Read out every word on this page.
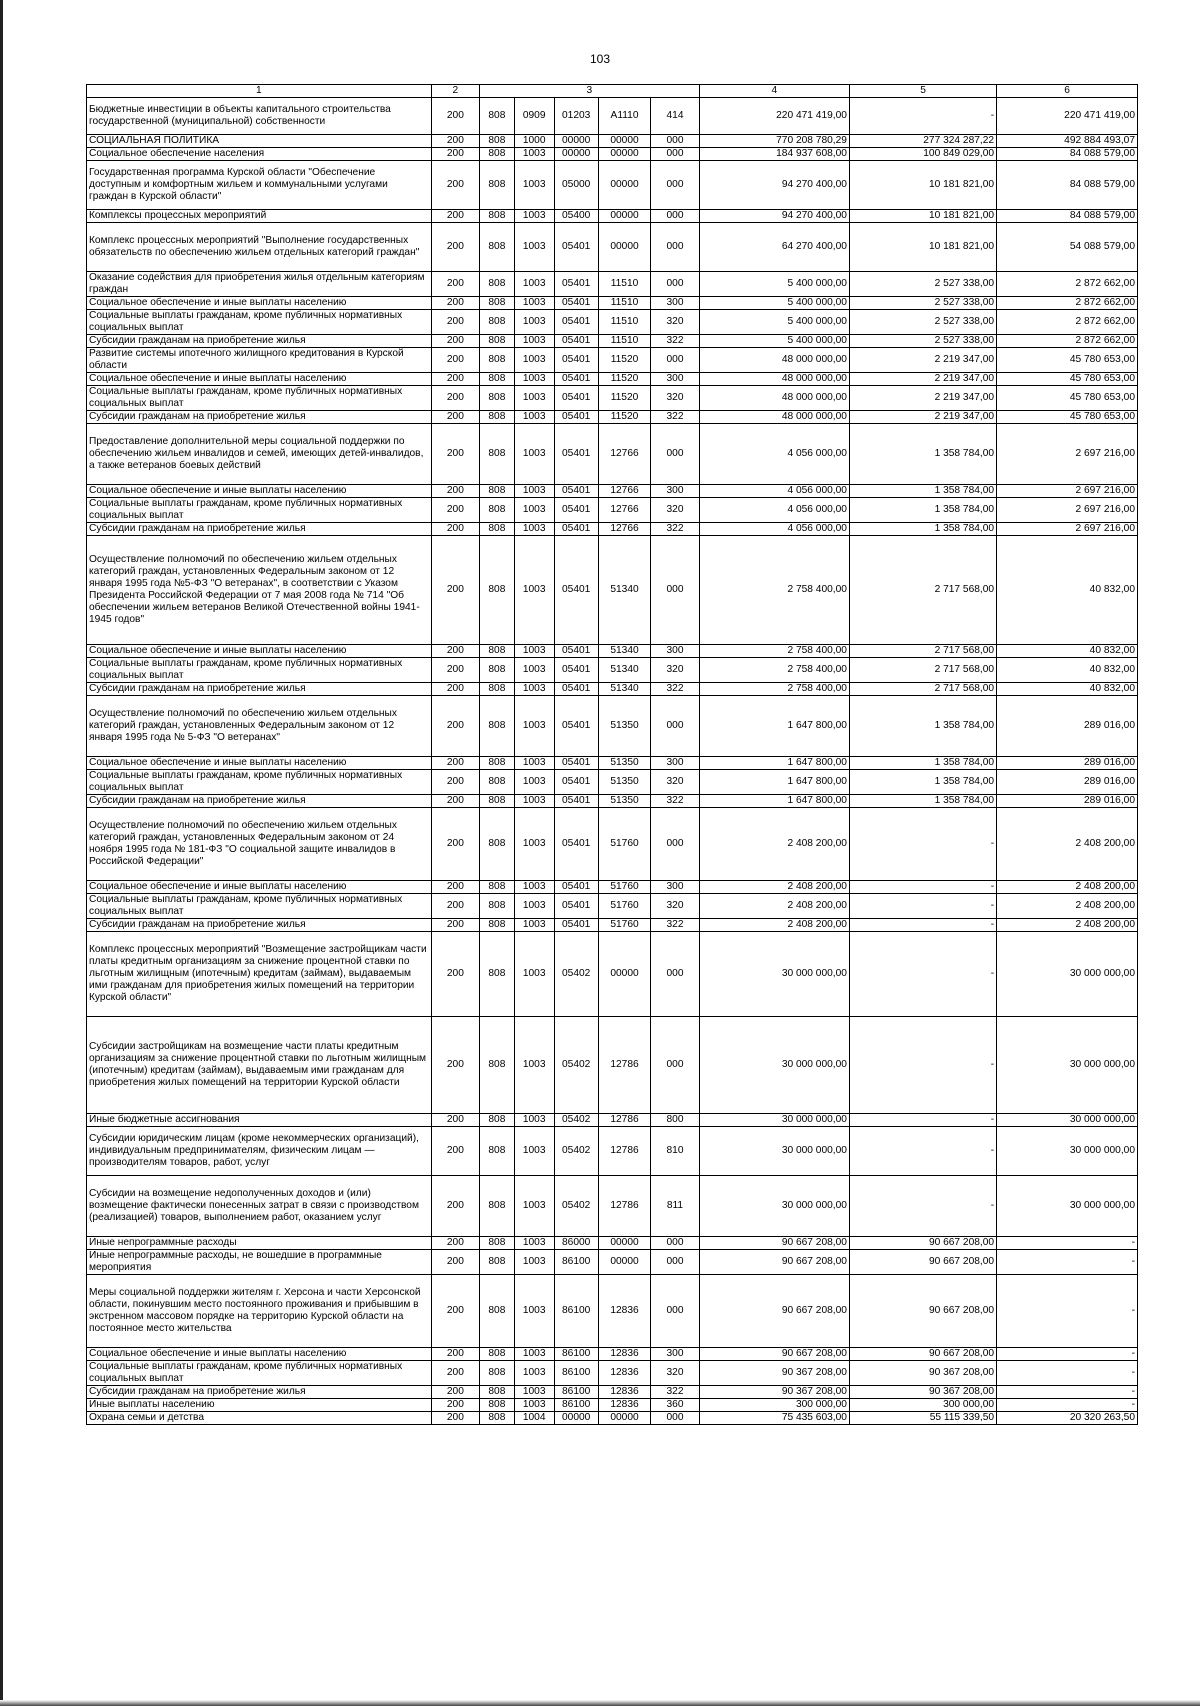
103
1	2	3					4	5	6
Бюджетные инвестиции в объекты капитального строительства государственной (муниципальной) собственности	200	808	0909	01203	А1110	414	220 471 419,00	-	220 471 419,00
СОЦИАЛЬНАЯ ПОЛИТИКА	200	808	1000	00000	00000	000	770 208 780,29	277 324 287,22	492 884 493,07
Социальное обеспечение населения	200	808	1003	00000	00000	000	184 937 608,00	100 849 029,00	84 088 579,00
Государственная программа Курской области "Обеспечение доступным и комфортным жильем и коммунальными услугами граждан в Курской области"	200	808	1003	05000	00000	000	94 270 400,00	10 181 821,00	84 088 579,00
Комплексы процессных мероприятий	200	808	1003	05400	00000	000	94 270 400,00	10 181 821,00	84 088 579,00
Комплекс процессных мероприятий "Выполнение государственных обязательств по обеспечению жильем отдельных категорий граждан"	200	808	1003	05401	00000	000	64 270 400,00	10 181 821,00	54 088 579,00
Оказание содействия для приобретения жилья отдельным категориям граждан	200	808	1003	05401	11510	000	5 400 000,00	2 527 338,00	2 872 662,00
Социальное обеспечение и иные выплаты населению	200	808	1003	05401	11510	300	5 400 000,00	2 527 338,00	2 872 662,00
Социальные выплаты гражданам, кроме публичных нормативных социальных выплат	200	808	1003	05401	11510	320	5 400 000,00	2 527 338,00	2 872 662,00
Субсидии гражданам на приобретение жилья	200	808	1003	05401	11510	322	5 400 000,00	2 527 338,00	2 872 662,00
Развитие системы ипотечного жилищного кредитования в Курской области	200	808	1003	05401	11520	000	48 000 000,00	2 219 347,00	45 780 653,00
Социальное обеспечение и иные выплаты населению	200	808	1003	05401	11520	300	48 000 000,00	2 219 347,00	45 780 653,00
Социальные выплаты гражданам, кроме публичных нормативных социальных выплат	200	808	1003	05401	11520	320	48 000 000,00	2 219 347,00	45 780 653,00
Субсидии гражданам на приобретение жилья	200	808	1003	05401	11520	322	48 000 000,00	2 219 347,00	45 780 653,00
Предоставление дополнительной меры социальной поддержки по обеспечению жильем инвалидов и семей, имеющих детей-инвалидов, а также ветеранов боевых действий	200	808	1003	05401	12766	000	4 056 000,00	1 358 784,00	2 697 216,00
Социальное обеспечение и иные выплаты населению	200	808	1003	05401	12766	300	4 056 000,00	1 358 784,00	2 697 216,00
Социальные выплаты гражданам, кроме публичных нормативных социальных выплат	200	808	1003	05401	12766	320	4 056 000,00	1 358 784,00	2 697 216,00
Субсидии гражданам на приобретение жилья	200	808	1003	05401	12766	322	4 056 000,00	1 358 784,00	2 697 216,00
Осуществление полномочий по обеспечению жильем отдельных категорий граждан, установленных Федеральным законом от 12 января 1995 года №5-ФЗ "О ветеранах", в соответствии с Указом Президента Российской Федерации от 7 мая 2008 года № 714 "Об обеспечении жильем ветеранов Великой Отечественной войны 1941-1945 годов"	200	808	1003	05401	51340	000	2 758 400,00	2 717 568,00	40 832,00
Социальное обеспечение и иные выплаты населению	200	808	1003	05401	51340	300	2 758 400,00	2 717 568,00	40 832,00
Социальные выплаты гражданам, кроме публичных нормативных социальных выплат	200	808	1003	05401	51340	320	2 758 400,00	2 717 568,00	40 832,00
Субсидии гражданам на приобретение жилья	200	808	1003	05401	51340	322	2 758 400,00	2 717 568,00	40 832,00
Осуществление полномочий по обеспечению жильем отдельных категорий граждан, установленных Федеральным законом от 12 января 1995 года № 5-ФЗ "О ветеранах"	200	808	1003	05401	51350	000	1 647 800,00	1 358 784,00	289 016,00
Социальное обеспечение и иные выплаты населению	200	808	1003	05401	51350	300	1 647 800,00	1 358 784,00	289 016,00
Социальные выплаты гражданам, кроме публичных нормативных социальных выплат	200	808	1003	05401	51350	320	1 647 800,00	1 358 784,00	289 016,00
Субсидии гражданам на приобретение жилья	200	808	1003	05401	51350	322	1 647 800,00	1 358 784,00	289 016,00
Осуществление полномочий по обеспечению жильем отдельных категорий граждан, установленных Федеральным законом от 24 ноября 1995 года № 181-ФЗ "О социальной защите инвалидов в Российской Федерации"	200	808	1003	05401	51760	000	2 408 200,00	-	2 408 200,00
Социальное обеспечение и иные выплаты населению	200	808	1003	05401	51760	300	2 408 200,00	-	2 408 200,00
Социальные выплаты гражданам, кроме публичных нормативных социальных выплат	200	808	1003	05401	51760	320	2 408 200,00	-	2 408 200,00
Субсидии гражданам на приобретение жилья	200	808	1003	05401	51760	322	2 408 200,00	-	2 408 200,00
Комплекс процессных мероприятий "Возмещение застройщикам части платы кредитным организациям за снижение процентной ставки по льготным жилищным (ипотечным) кредитам (займам), выдаваемым ими гражданам для приобретения жилых помещений на территории Курской области"	200	808	1003	05402	00000	000	30 000 000,00	-	30 000 000,00
Субсидии застройщикам на возмещение части платы кредитным организациям за снижение процентной ставки по льготным жилищным (ипотечным) кредитам (займам), выдаваемым ими гражданам для приобретения жилых помещений на территории Курской области	200	808	1003	05402	12786	000	30 000 000,00	-	30 000 000,00
Иные бюджетные ассигнования	200	808	1003	05402	12786	800	30 000 000,00	-	30 000 000,00
Субсидии юридическим лицам (кроме некоммерческих организаций), индивидуальным предпринимателям, физическим лицам — производителям товаров, работ, услуг	200	808	1003	05402	12786	810	30 000 000,00	-	30 000 000,00
Субсидии на возмещение недополученных доходов и (или) возмещение фактически понесенных затрат в связи с производством (реализацией) товаров, выполнением работ, оказанием услуг	200	808	1003	05402	12786	811	30 000 000,00	-	30 000 000,00
Иные непрограммные расходы	200	808	1003	86000	00000	000	90 667 208,00	90 667 208,00	-
Иные непрограммные расходы, не вошедшие в программные мероприятия	200	808	1003	86100	00000	000	90 667 208,00	90 667 208,00	-
Меры социальной поддержки жителям г. Херсона и части Херсонской области, покинувшим место постоянного проживания и прибывшим в экстренном массовом порядке на территорию Курской области на постоянное место жительства	200	808	1003	86100	12836	000	90 667 208,00	90 667 208,00	-
Социальное обеспечение и иные выплаты населению	200	808	1003	86100	12836	300	90 667 208,00	90 667 208,00	-
Социальные выплаты гражданам, кроме публичных нормативных социальных выплат	200	808	1003	86100	12836	320	90 367 208,00	90 367 208,00	-
Субсидии гражданам на приобретение жилья	200	808	1003	86100	12836	322	90 367 208,00	90 367 208,00	-
Иные выплаты населению	200	808	1003	86100	12836	360	300 000,00	300 000,00	-
Охрана семьи и детства	200	808	1004	00000	00000	000	75 435 603,00	55 115 339,50	20 320 263,50
